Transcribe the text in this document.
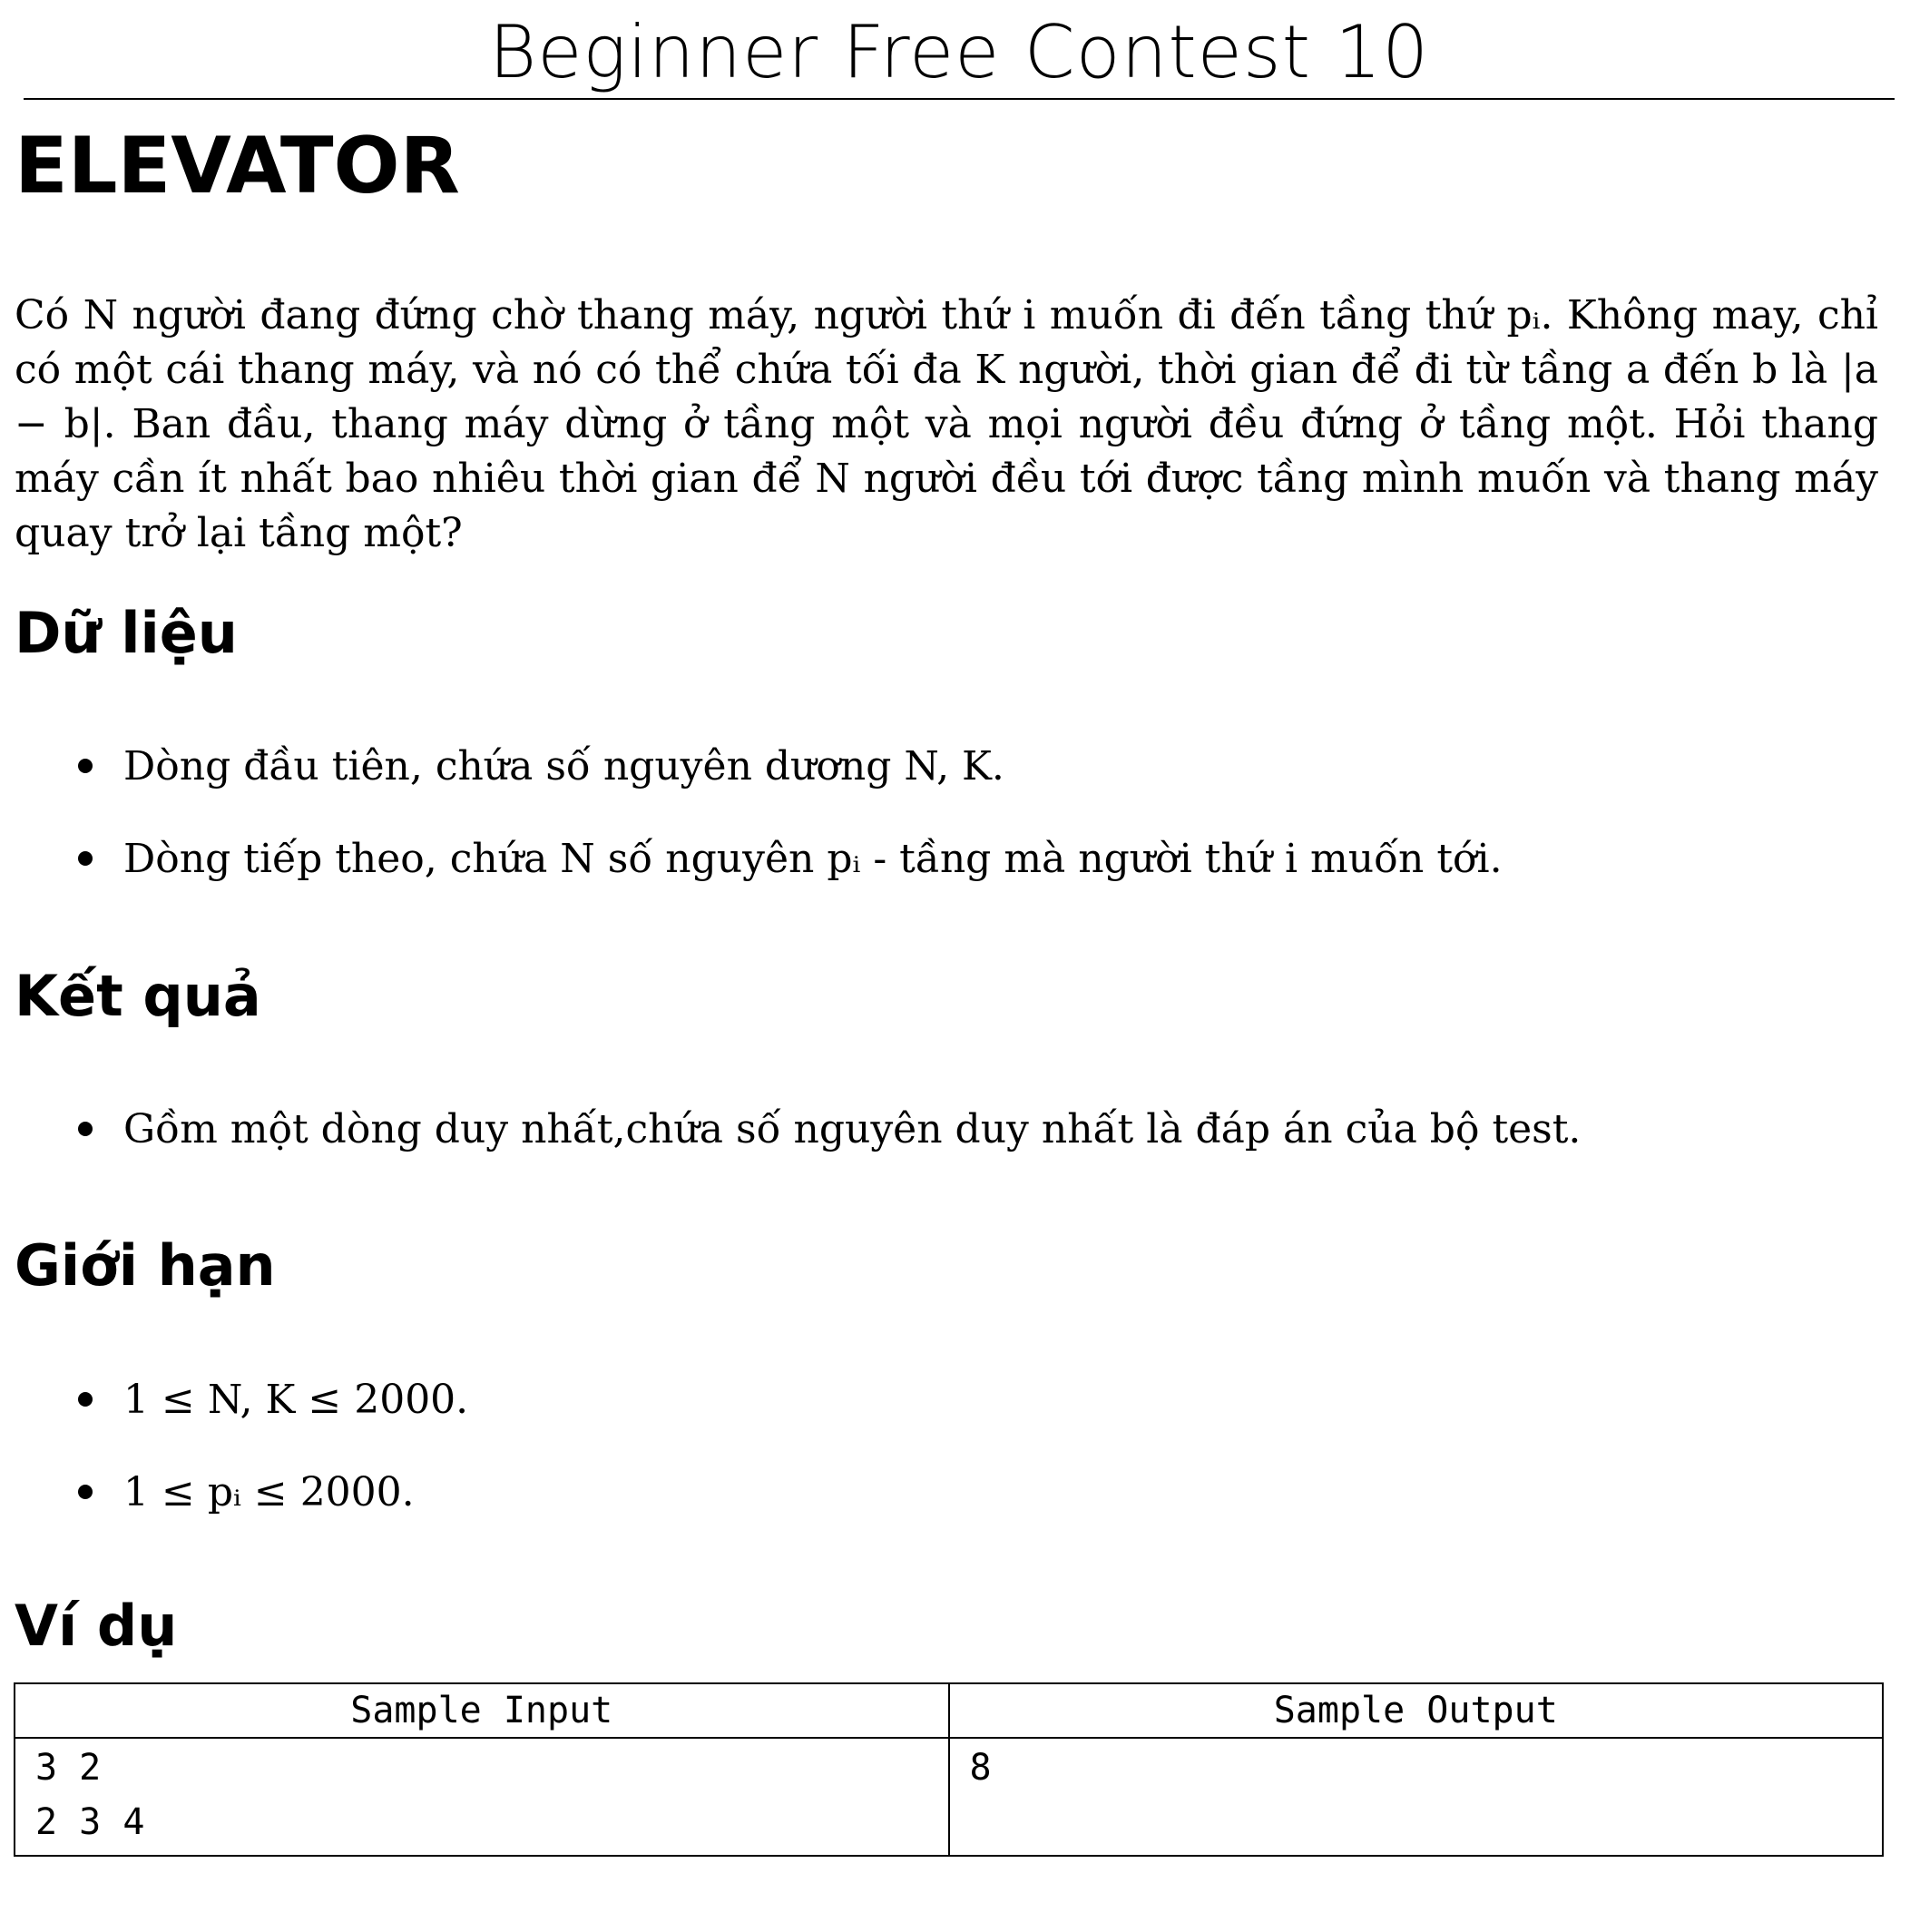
Beginner Free Contest 10
ELEVATOR

Có N người đang đứng chờ thang máy, người thứ i muốn đi đến tầng thứ pᵢ. Không may, chỉ có một cái thang máy, và nó có thể chứa tối đa K người, thời gian để đi từ tầng a đến b là |a − b|. Ban đầu, thang máy dừng ở tầng một và mọi người đều đứng ở tầng một. Hỏi thang máy cần ít nhất bao nhiêu thời gian để N người đều tới được tầng mình muốn và thang máy quay trở lại tầng một?

Dữ liệu
Dòng đầu tiên, chứa số nguyên dương N, K.
Dòng tiếp theo, chứa N số nguyên pᵢ - tầng mà người thứ i muốn tới.
Kết quả
Gồm một dòng duy nhất,chứa số nguyên duy nhất là đáp án của bộ test.
Giới hạn
1 ≤ N, K ≤ 2000.
1 ≤ pᵢ ≤ 2000.
Ví dụ
Sample Input	Sample Output

3 2
2 3 4	8
